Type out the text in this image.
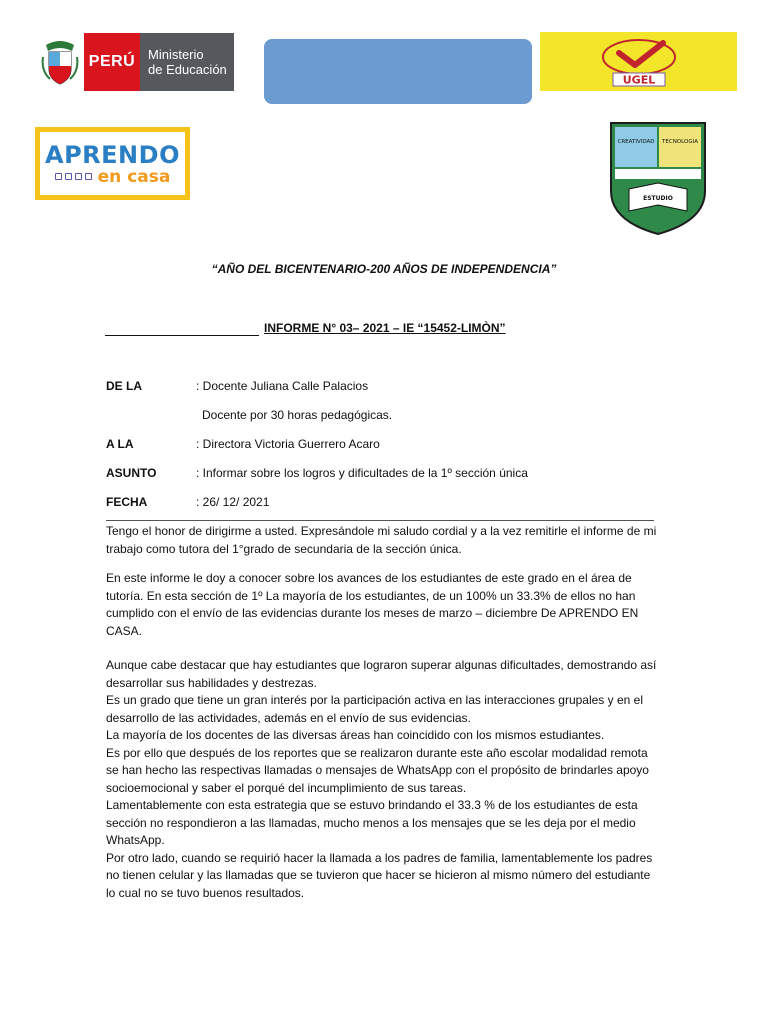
PERÚ Ministerio
de Educación
UGEL
APRENDO
en casa
CREATIVIDAD TECNOLOGIA
ESTUDIO
“AÑO DEL BICENTENARIO-200 AÑOS DE INDEPENDENCIA”
INFORME N° 03– 2021 – IE “15452-LIMÒN”
DE LA	: Docente Juliana Calle Palacios
Docente por 30 horas pedagógicas.
A LA	: Directora Victoria Guerrero Acaro
ASUNTO	: Informar sobre los logros y dificultades de la 1º sección única
FECHA	: 26/ 12/ 2021

Tengo el honor de dirigirme a usted. Expresándole mi saludo cordial y a la vez remitirle el informe de mi trabajo como tutora del 1°grado de secundaria de la sección única.

En este informe le doy a conocer sobre los avances de los estudiantes de este grado en el área de tutoría. En esta sección de 1º La mayoría de los estudiantes, de un 100% un 33.3% de ellos no han cumplido con el envío de las evidencias durante los meses de marzo – diciembre De APRENDO EN CASA.

Aunque cabe destacar que hay estudiantes que lograron superar algunas dificultades, demostrando así desarrollar sus habilidades y destrezas.

Es un grado que tiene un gran interés por la participación activa en las interacciones grupales y en el desarrollo de las actividades, además en el envío de sus evidencias.

La mayoría de los docentes de las diversas áreas han coincidido con los mismos estudiantes.

Es por ello que después de los reportes que se realizaron durante este año escolar modalidad remota se han hecho las respectivas llamadas o mensajes de WhatsApp con el propósito de brindarles apoyo socioemocional y saber el porqué del incumplimiento de sus tareas.

Lamentablemente con esta estrategia que se estuvo brindando el 33.3 % de los estudiantes de esta sección no respondieron a las llamadas, mucho menos a los mensajes que se les deja por el medio WhatsApp.

Por otro lado, cuando se requirió hacer la llamada a los padres de familia, lamentablemente los padres no tienen celular y las llamadas que se tuvieron que hacer se hicieron al mismo número del estudiante lo cual no se tuvo buenos resultados.
